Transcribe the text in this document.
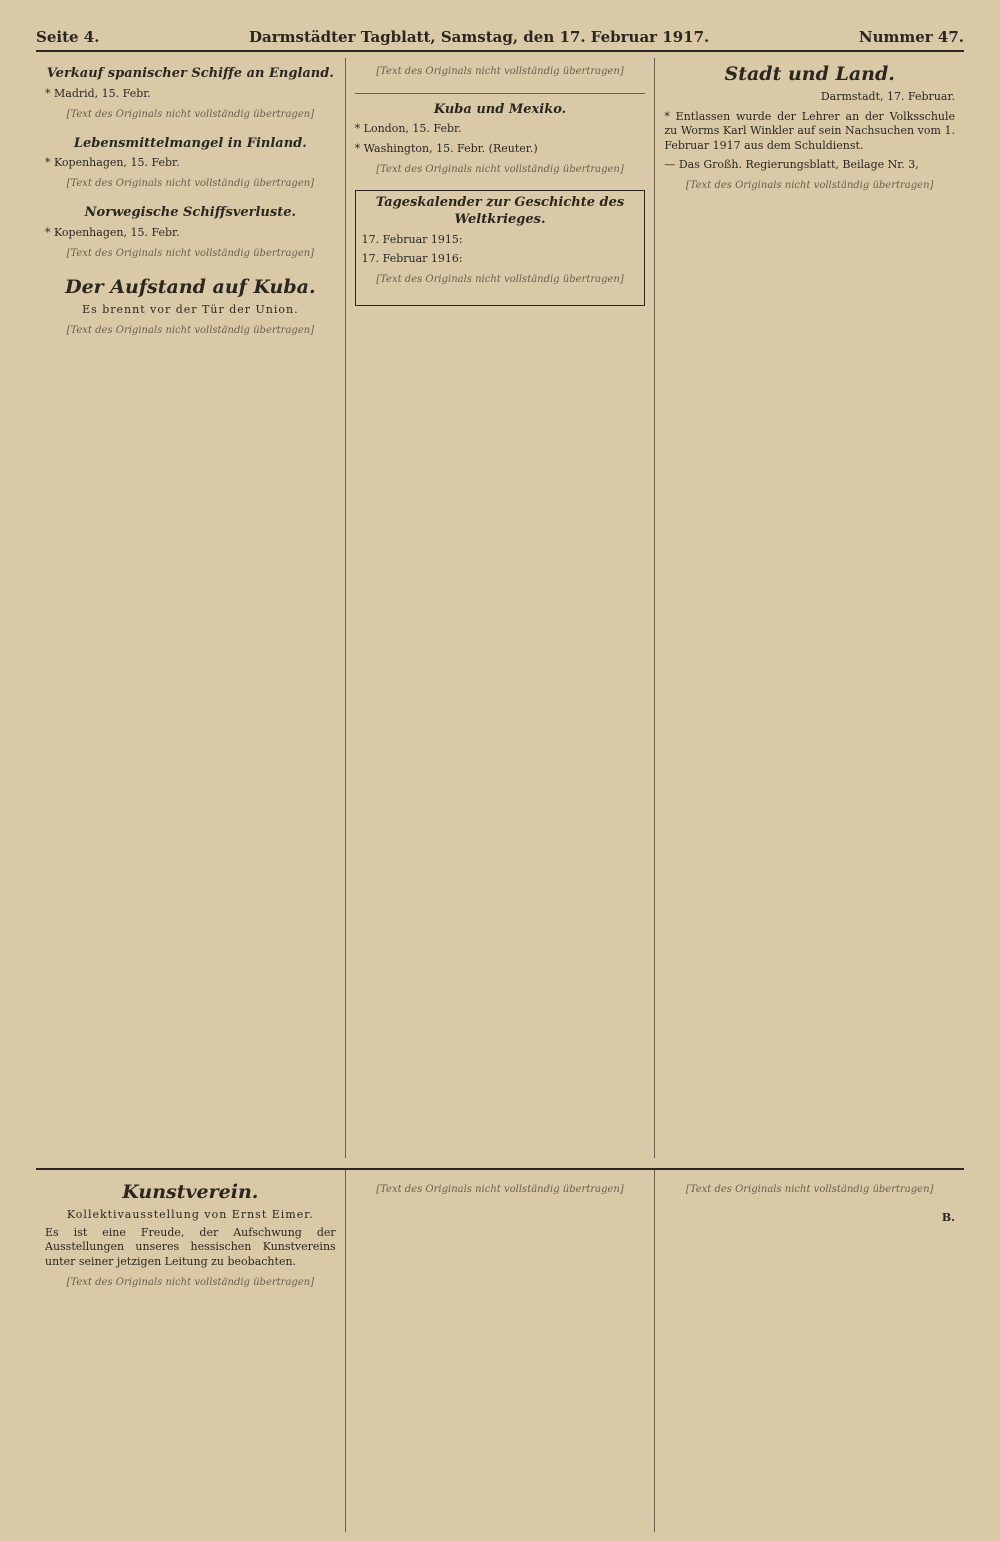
Seite 4.	Darmstädter Tagblatt, Samstag, den 17. Februar 1917.	Nummer 47.
Verkauf spanischer Schiffe an England.

* Madrid, 15. Febr.

[Text des Originals nicht vollständig übertragen]

Lebensmittelmangel in Finland.

* Kopenhagen, 15. Febr.

[Text des Originals nicht vollständig übertragen]

Norwegische Schiffsverluste.

* Kopenhagen, 15. Febr.

[Text des Originals nicht vollständig übertragen]

Der Aufstand auf Kuba.
Es brennt vor der Tür der Union.

[Text des Originals nicht vollständig übertragen]

[Text des Originals nicht vollständig übertragen]

Kuba und Mexiko.

* London, 15. Febr.

* Washington, 15. Febr. (Reuter.)

[Text des Originals nicht vollständig übertragen]

Tageskalender zur Geschichte des Weltkrieges.

17. Februar 1915:

17. Februar 1916:

[Text des Originals nicht vollständig übertragen]

Stadt und Land.
Darmstadt, 17. Februar.

* Entlassen wurde der Lehrer an der Volksschule zu Worms Karl Winkler auf sein Nachsuchen vom 1. Februar 1917 aus dem Schuldienst.

— Das Großh. Regierungsblatt, Beilage Nr. 3,

[Text des Originals nicht vollständig übertragen]

Kunstverein.
Kollektivausstellung von Ernst Eimer.

Es ist eine Freude, der Aufschwung der Ausstellungen unseres hessischen Kunstvereins unter seiner jetzigen Leitung zu beobachten.

[Text des Originals nicht vollständig übertragen]

[Text des Originals nicht vollständig übertragen]	[Text des Originals nicht vollständig übertragen]

B.
